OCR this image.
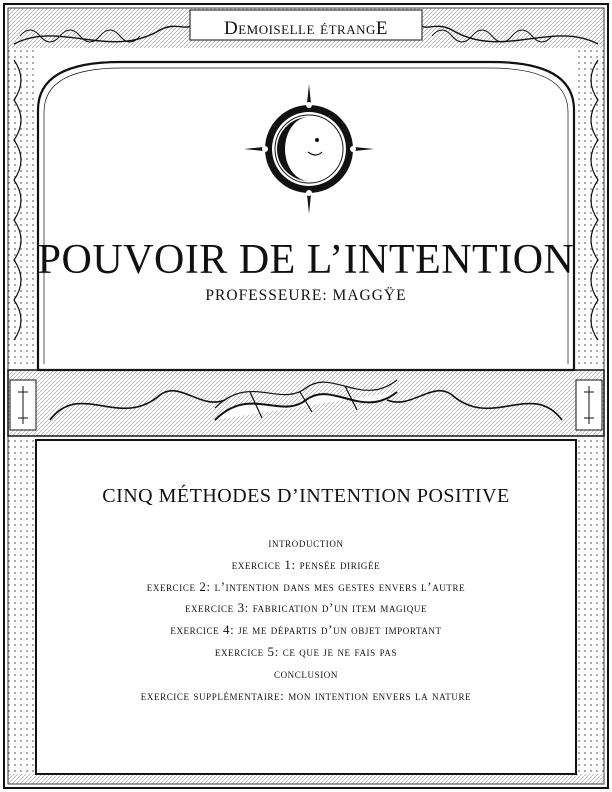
Demoiselle étrangE
POUVOIR DE L’INTENTION
PROFESSEURE: MAGGŸE
CINQ MÉTHODES D’INTENTION POSITIVE
introduction
exercice 1: pensée dirigée
exercice 2: l’intention dans mes gestes envers l’autre
exercice 3: fabrication d’un item magique
exercice 4: je me départis d’un objet important
exercice 5: ce que je ne fais pas
conclusion
exercice supplémentaire: mon intention envers la nature
